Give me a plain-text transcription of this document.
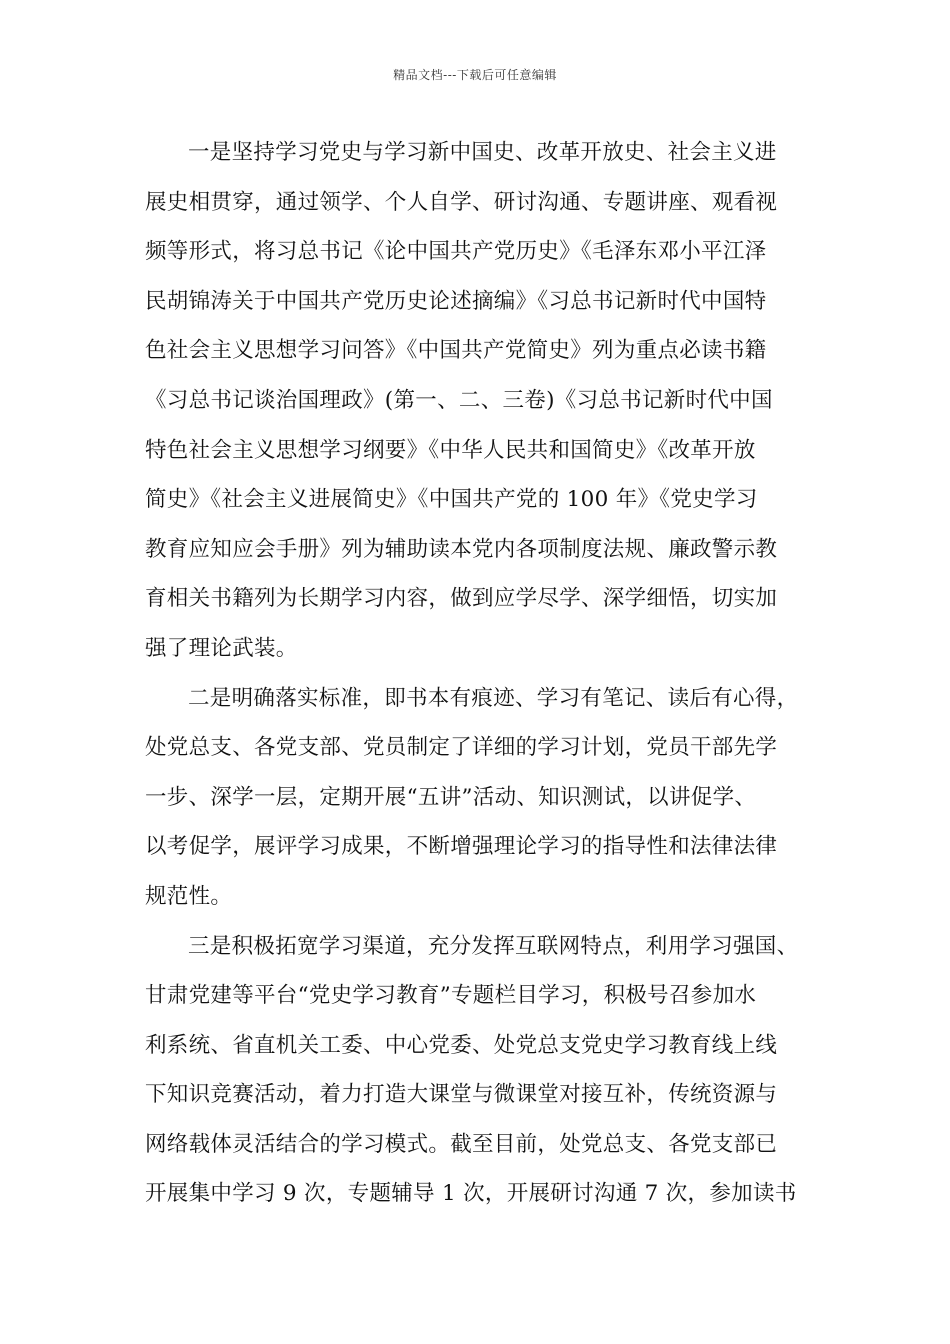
精品文档---下载后可任意编辑
一是坚持学习党史与学习新中国史、改革开放史、社会主义进
展史相贯穿，通过领学、个人自学、研讨沟通、专题讲座、观看视
频等形式，将习总书记《论中国共产党历史》《毛泽东邓小平江泽
民胡锦涛关于中国共产党历史论述摘编》《习总书记新时代中国特
色社会主义思想学习问答》《中国共产党简史》列为重点必读书籍
《习总书记谈治国理政》(第一、二、三卷)《习总书记新时代中国
特色社会主义思想学习纲要》《中华人民共和国简史》《改革开放
简史》《社会主义进展简史》《中国共产党的 100 年》《党史学习
教育应知应会手册》列为辅助读本党内各项制度法规、廉政警示教
育相关书籍列为长期学习内容，做到应学尽学、深学细悟，切实加
强了理论武装。
二是明确落实标准，即书本有痕迹、学习有笔记、读后有心得，
处党总支、各党支部、党员制定了详细的学习计划，党员干部先学
一步、深学一层，定期开展“五讲”活动、知识测试，以讲促学、
以考促学，展评学习成果，不断增强理论学习的指导性和法律法律
规范性。
三是积极拓宽学习渠道，充分发挥互联网特点，利用学习强国、
甘肃党建等平台“党史学习教育”专题栏目学习，积极号召参加水
利系统、省直机关工委、中心党委、处党总支党史学习教育线上线
下知识竞赛活动，着力打造大课堂与微课堂对接互补，传统资源与
网络载体灵活结合的学习模式。截至目前，处党总支、各党支部已
开展集中学习 9 次，专题辅导 1 次，开展研讨沟通 7 次，参加读书
